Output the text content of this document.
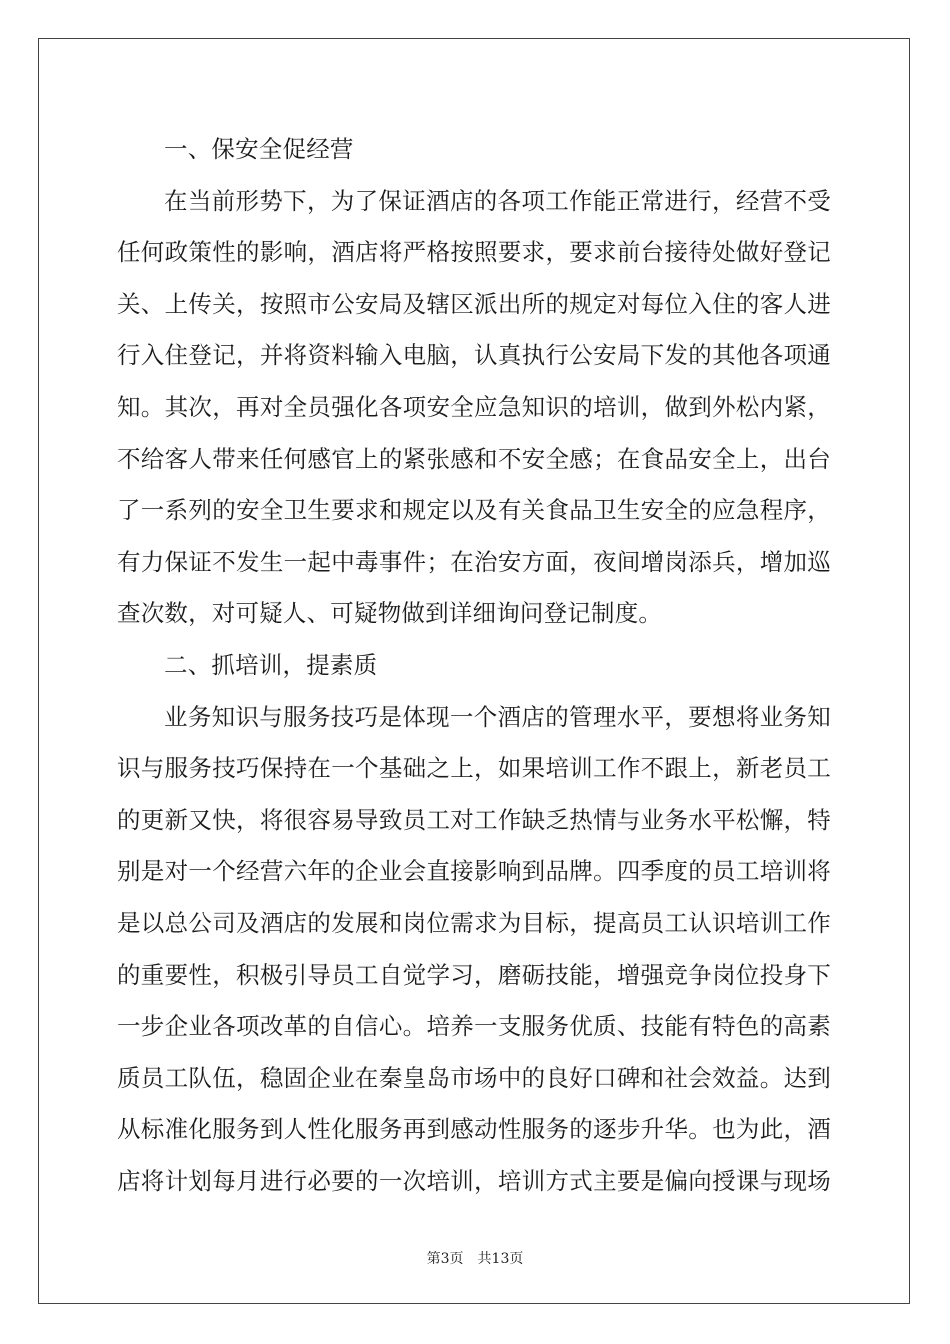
一、保安全促经营
在当前形势下，为了保证酒店的各项工作能正常进行，经营不受
任何政策性的影响，酒店将严格按照要求，要求前台接待处做好登记
关、上传关，按照市公安局及辖区派出所的规定对每位入住的客人进
行入住登记，并将资料输入电脑，认真执行公安局下发的其他各项通
知。其次，再对全员强化各项安全应急知识的培训，做到外松内紧，
不给客人带来任何感官上的紧张感和不安全感；在食品安全上，出台
了一系列的安全卫生要求和规定以及有关食品卫生安全的应急程序，
有力保证不发生一起中毒事件；在治安方面，夜间增岗添兵，增加巡
查次数，对可疑人、可疑物做到详细询问登记制度。
二、抓培训，提素质
业务知识与服务技巧是体现一个酒店的管理水平，要想将业务知
识与服务技巧保持在一个基础之上，如果培训工作不跟上，新老员工
的更新又快，将很容易导致员工对工作缺乏热情与业务水平松懈，特
别是对一个经营六年的企业会直接影响到品牌。四季度的员工培训将
是以总公司及酒店的发展和岗位需求为目标，提高员工认识培训工作
的重要性，积极引导员工自觉学习，磨砺技能，增强竞争岗位投身下
一步企业各项改革的自信心。培养一支服务优质、技能有特色的高素
质员工队伍，稳固企业在秦皇岛市场中的良好口碑和社会效益。达到
从标准化服务到人性化服务再到感动性服务的逐步升华。也为此，酒
店将计划每月进行必要的一次培训，培训方式主要是偏向授课与现场
第3页 共13页
